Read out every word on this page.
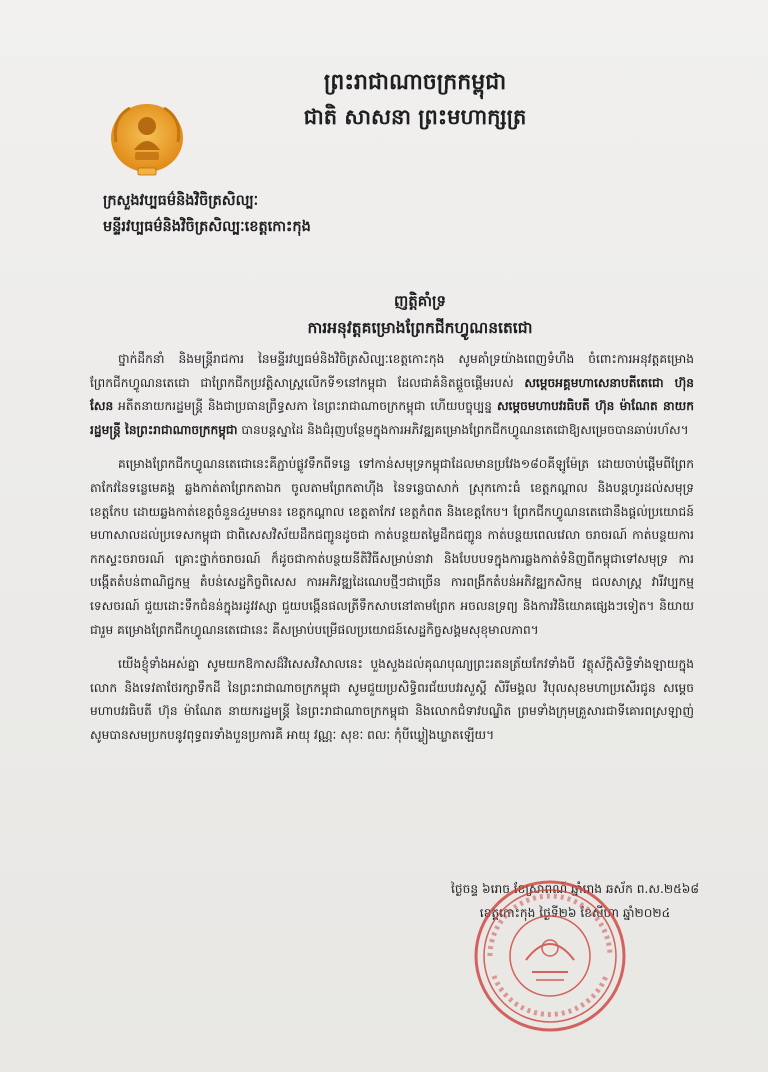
ព្រះរាជាណាចក្រកម្ពុជា
ជាតិ សាសនា ព្រះមហាក្សត្រ
ក្រសួងវប្បធម៌និងវិចិត្រសិល្បៈ
មន្ទីរវប្បធម៌និងវិចិត្រសិល្បៈខេត្តកោះកុង
ញត្តិគាំទ្រ
ការអនុវត្តគម្រោងព្រែកជីកហ្វូណនតេជោ

ថ្នាក់ដឹកនាំ និងមន្ត្រីរាជការ នៃមន្ទីរវប្បធម៌និងវិចិត្រសិល្បៈខេត្តកោះកុង សូមគាំទ្រយ៉ាងពេញទំហឹង ចំពោះការអនុវត្តគម្រោងព្រែកជីកហ្វូណនតេជោ ជាព្រែកជីកប្រវត្តិសាស្ត្រលើកទី១នៅកម្ពុជា ដែលជាគំនិតផ្តួចផ្តើមរបស់ សម្តេចអគ្គមហាសេនាបតីតេជោ ហ៊ុន សែន អតីតនាយករដ្ឋមន្ត្រី និងជាប្រធានព្រឹទ្ធសភា នៃព្រះរាជាណាចក្រកម្ពុជា ហើយបច្ចុប្បន្ន សម្តេចមហាបវរធិបតី ហ៊ុន ម៉ាណែត នាយករដ្ឋមន្ត្រី នៃព្រះរាជាណាចក្រកម្ពុជា បានបន្តស្នាដៃ និងជំរុញបន្ថែមក្នុងការអភិវឌ្ឍគម្រោងព្រែកជីកហ្វូណនតេជោឱ្យសម្រេចបានឆាប់រហ័ស។

គម្រោងព្រែកជីកហ្វូណនតេជោនេះគឺភ្ជាប់ផ្លូវទឹកពីទន្លេ ទៅកាន់សមុទ្រកម្ពុជាដែលមានប្រវែង១៨០គីឡូម៉ែត្រ ដោយចាប់ផ្តើមពីព្រែកតាកែវនៃទន្លេមេគង្គ ឆ្លងកាត់តាព្រែកតាឯក ចូលតាមព្រែកតាហ៊ីង នៃទន្លេបាសាក់ ស្រុកកោះធំ ខេត្តកណ្តាល និងបន្តហូរដល់សមុទ្រខេត្តកែប ដោយឆ្លងកាត់ខេត្តចំនួន៤រួមមាន៖ ខេត្តកណ្តាល ខេត្តតាកែវ ខេត្តកំពត និងខេត្តកែប។ ព្រែកជីកហ្វូណនតេជោនឹងផ្តល់ប្រយោជន៍មហាសាលដល់ប្រទេសកម្ពុជា ជាពិសេសវិស័យដឹកជញ្ជូនដូចជា កាត់បន្ថយតម្លៃដឹកជញ្ជូន កាត់បន្ថយពេលវេលា ចរាចរណ៍ កាត់បន្ថយការកកស្ទះចរាចរណ៍ គ្រោះថ្នាក់ចរាចរណ៍ ក៏ដូចជាកាត់បន្ថយនីតិវិធីសម្រាប់នាវា និងបែបបទក្នុងការឆ្លងកាត់ទំនិញពីកម្ពុជាទៅសមុទ្រ ការបង្កើតតំបន់ពាណិជ្ជកម្ម តំបន់សេដ្ឋកិច្ចពិសេស ការអភិវឌ្ឍដៃណេបថ្មីៗជាច្រើន ការពង្រីកតំបន់អភិវឌ្ឍកសិកម្ម ជលសាស្ត្រ វារីវប្បកម្ម ទេសចរណ៍ ជួយដោះទឹកជំនន់ក្នុងរដូវវស្សា ជួយបង្កើនផលត្រីទឹកសាបនៅតាមព្រែក អចលនទ្រព្យ និងការវិនិយោគផ្សេងៗទៀត។ និយាយជារួម គម្រោងព្រែកជីកហ្វូណនតេជោនេះ គឺសម្រាប់បម្រើផលប្រយោជន៍សេដ្ឋកិច្ចសង្គមសុខុមាលភាព។

យើងខ្ញុំទាំងអស់គ្នា សូមយកឱកាសដ៏វិសេសវិសាលនេះ បួងសួងដល់គុណបុណ្យព្រះរតនត្រ័យកែវទាំងបី វត្ថុស័ក្តិសិទ្ធិទាំងឡាយក្នុងលោក និងទេវតាថែរក្សាទឹកដី នៃព្រះរាជាណាចក្រកម្ពុជា សូមជួយប្រសិទ្ធិពរជ័យបវរសួស្តី សិរីមង្គល វិបុលសុខមហាប្រសើរជូន សម្តេចមហាបវរធិបតី ហ៊ុន ម៉ាណែត នាយករដ្ឋមន្ត្រី នៃព្រះរាជាណាចក្រកម្ពុជា និងលោកជំទាវបណ្ឌិត ព្រមទាំងក្រុមគ្រួសារជាទីគោរពស្រឡាញ់ សូមបានសមប្រកបនូវពុទ្ធពរទាំងបួនប្រការគឺ អាយុ វណ្ណៈ សុខៈ ពលៈ កុំបីឃ្លៀងឃ្លាតឡើយ។

ថ្ងៃចន្ទ ៦រោច ខែស្រាពណ៍ ឆ្នាំរោង ឆស័ក ព.ស.២៥៦៨
ខេត្តកោះកុង ថ្ងៃទី២៦ ខែសីហា ឆ្នាំ២០២៤
